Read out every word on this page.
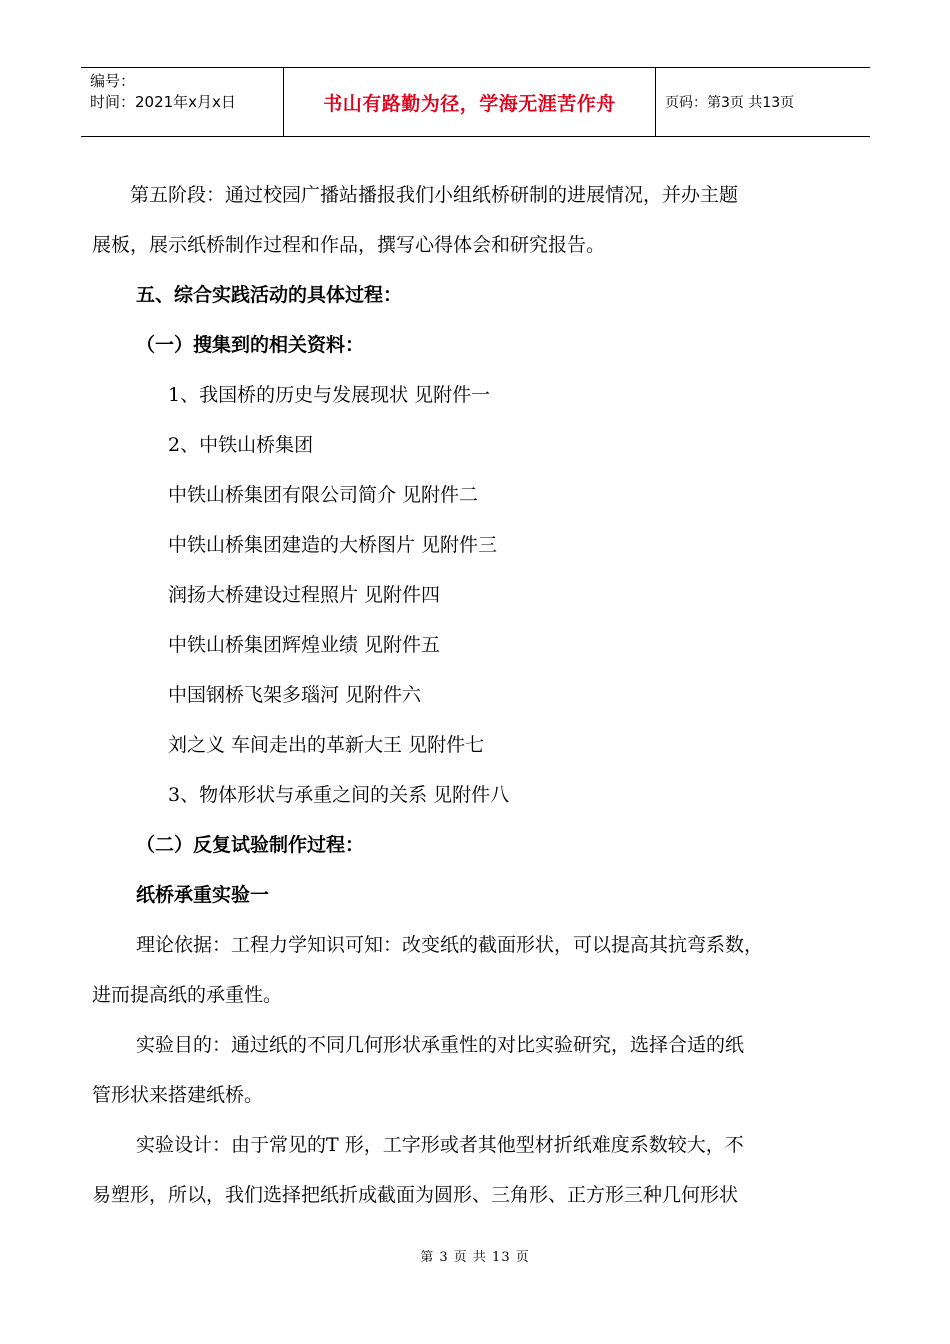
编号：
时间：2021年x月x日	书山有路勤为径，学海无涯苦作舟	页码：第3页 共13页

第五阶段：通过校园广播站播报我们小组纸桥研制的进展情况，并办主题

展板，展示纸桥制作过程和作品，撰写心得体会和研究报告。

五、综合实践活动的具体过程：

（一）搜集到的相关资料：

1、我国桥的历史与发展现状 见附件一

2、中铁山桥集团

中铁山桥集团有限公司简介 见附件二

中铁山桥集团建造的大桥图片 见附件三

润扬大桥建设过程照片 见附件四

中铁山桥集团辉煌业绩 见附件五

中国钢桥飞架多瑙河 见附件六

刘之义 车间走出的革新大王 见附件七

3、物体形状与承重之间的关系 见附件八

（二）反复试验制作过程：

纸桥承重实验一

理论依据：工程力学知识可知：改变纸的截面形状，可以提高其抗弯系数，

进而提高纸的承重性。

实验目的：通过纸的不同几何形状承重性的对比实验研究，选择合适的纸

管形状来搭建纸桥。

实验设计：由于常见的T 形，工字形或者其他型材折纸难度系数较大，不

易塑形，所以，我们选择把纸折成截面为圆形、三角形、正方形三种几何形状

第 3 页 共 13 页
